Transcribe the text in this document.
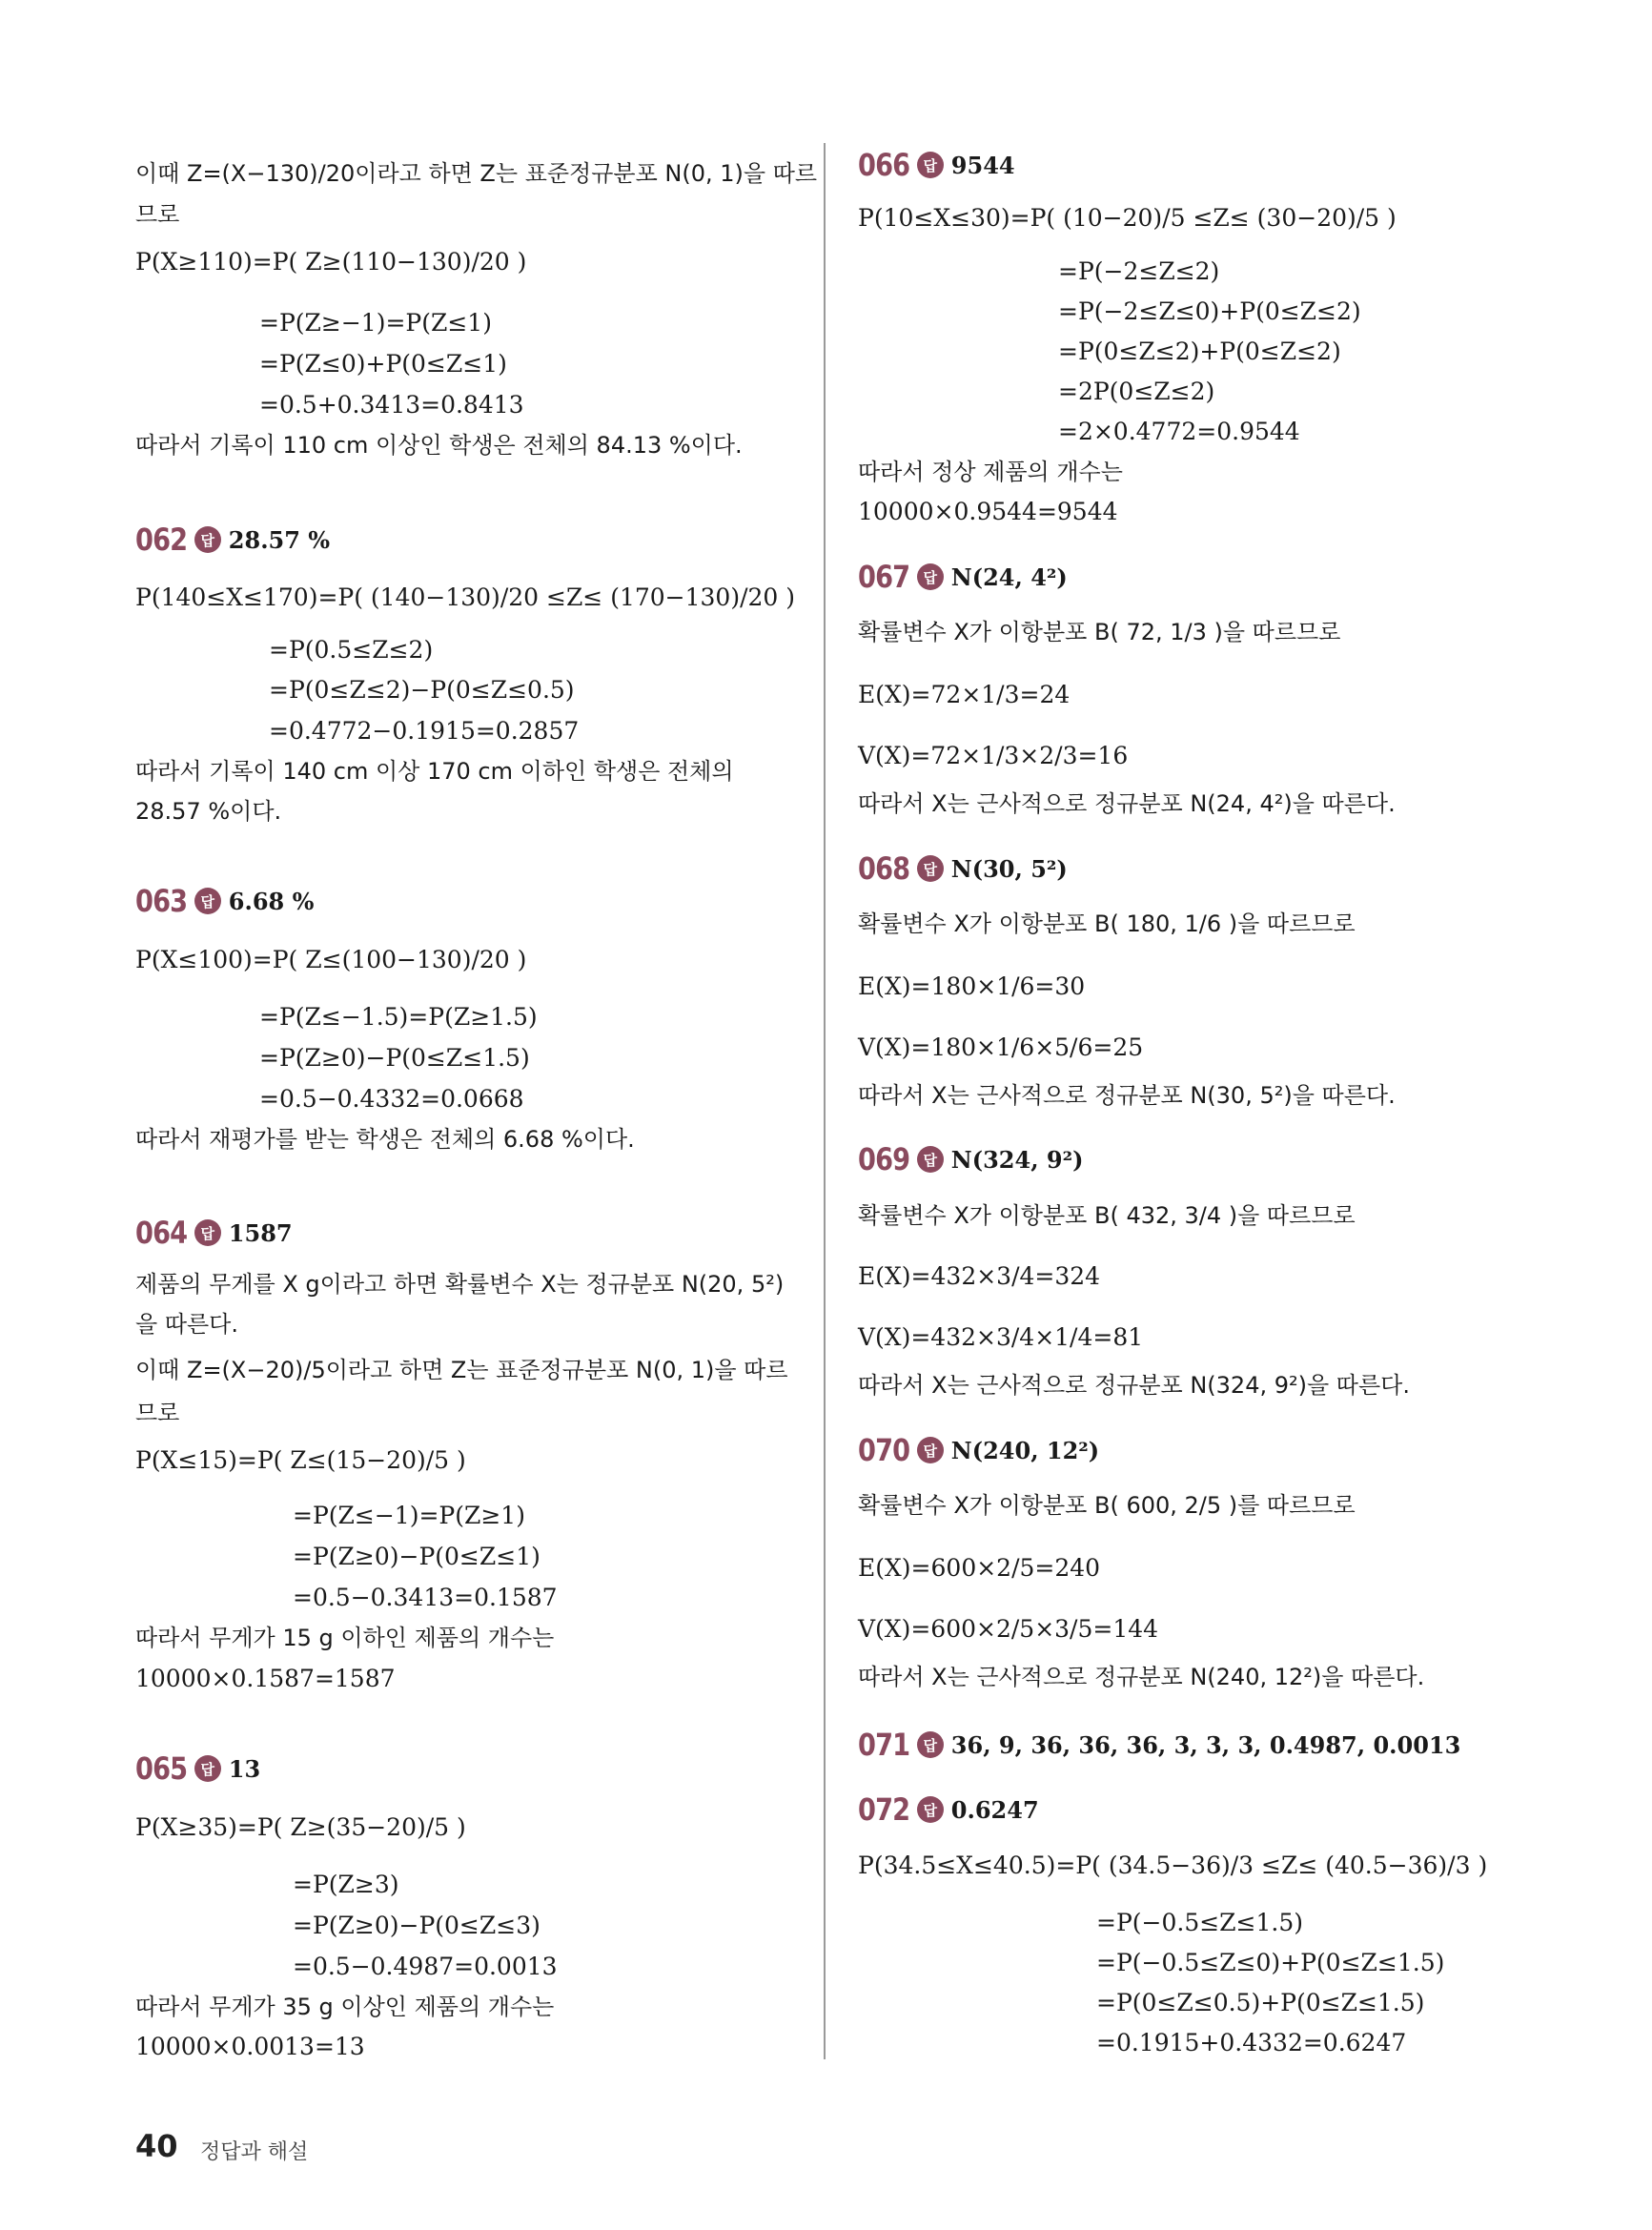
이때 Z=(X−130)/20이라고 하면 Z는 표준정규분포 N(0, 1)을 따르
므로
P(X≥110)=P( Z≥(110−130)/20 )
=P(Z≥−1)=P(Z≤1)
=P(Z≤0)+P(0≤Z≤1)
=0.5+0.3413=0.8413
따라서 기록이 110 cm 이상인 학생은 전체의 84.13 %이다.
062 답 28.57 %
P(140≤X≤170)=P( (140−130)/20 ≤Z≤ (170−130)/20 )
=P(0.5≤Z≤2)
=P(0≤Z≤2)−P(0≤Z≤0.5)
=0.4772−0.1915=0.2857
따라서 기록이 140 cm 이상 170 cm 이하인 학생은 전체의
28.57 %이다.
063 답 6.68 %
P(X≤100)=P( Z≤(100−130)/20 )
=P(Z≤−1.5)=P(Z≥1.5)
=P(Z≥0)−P(0≤Z≤1.5)
=0.5−0.4332=0.0668
따라서 재평가를 받는 학생은 전체의 6.68 %이다.
064 답 1587
제품의 무게를 X g이라고 하면 확률변수 X는 정규분포 N(20, 5²)
을 따른다.
이때 Z=(X−20)/5이라고 하면 Z는 표준정규분포 N(0, 1)을 따르
므로
P(X≤15)=P( Z≤(15−20)/5 )
=P(Z≤−1)=P(Z≥1)
=P(Z≥0)−P(0≤Z≤1)
=0.5−0.3413=0.1587
따라서 무게가 15 g 이하인 제품의 개수는
10000×0.1587=1587
065 답 13
P(X≥35)=P( Z≥(35−20)/5 )
=P(Z≥3)
=P(Z≥0)−P(0≤Z≤3)
=0.5−0.4987=0.0013
따라서 무게가 35 g 이상인 제품의 개수는
10000×0.0013=13
066 답 9544
P(10≤X≤30)=P( (10−20)/5 ≤Z≤ (30−20)/5 )
=P(−2≤Z≤2)
=P(−2≤Z≤0)+P(0≤Z≤2)
=P(0≤Z≤2)+P(0≤Z≤2)
=2P(0≤Z≤2)
=2×0.4772=0.9544
따라서 정상 제품의 개수는
10000×0.9544=9544
067 답 N(24, 4²)
확률변수 X가 이항분포 B( 72, 1/3 )을 따르므로
E(X)=72×1/3=24
V(X)=72×1/3×2/3=16
따라서 X는 근사적으로 정규분포 N(24, 4²)을 따른다.
068 답 N(30, 5²)
확률변수 X가 이항분포 B( 180, 1/6 )을 따르므로
E(X)=180×1/6=30
V(X)=180×1/6×5/6=25
따라서 X는 근사적으로 정규분포 N(30, 5²)을 따른다.
069 답 N(324, 9²)
확률변수 X가 이항분포 B( 432, 3/4 )을 따르므로
E(X)=432×3/4=324
V(X)=432×3/4×1/4=81
따라서 X는 근사적으로 정규분포 N(324, 9²)을 따른다.
070 답 N(240, 12²)
확률변수 X가 이항분포 B( 600, 2/5 )를 따르므로
E(X)=600×2/5=240
V(X)=600×2/5×3/5=144
따라서 X는 근사적으로 정규분포 N(240, 12²)을 따른다.
071 답 36, 9, 36, 36, 36, 3, 3, 3, 0.4987, 0.0013
072 답 0.6247
P(34.5≤X≤40.5)=P( (34.5−36)/3 ≤Z≤ (40.5−36)/3 )
=P(−0.5≤Z≤1.5)
=P(−0.5≤Z≤0)+P(0≤Z≤1.5)
=P(0≤Z≤0.5)+P(0≤Z≤1.5)
=0.1915+0.4332=0.6247
40 정답과 해설
